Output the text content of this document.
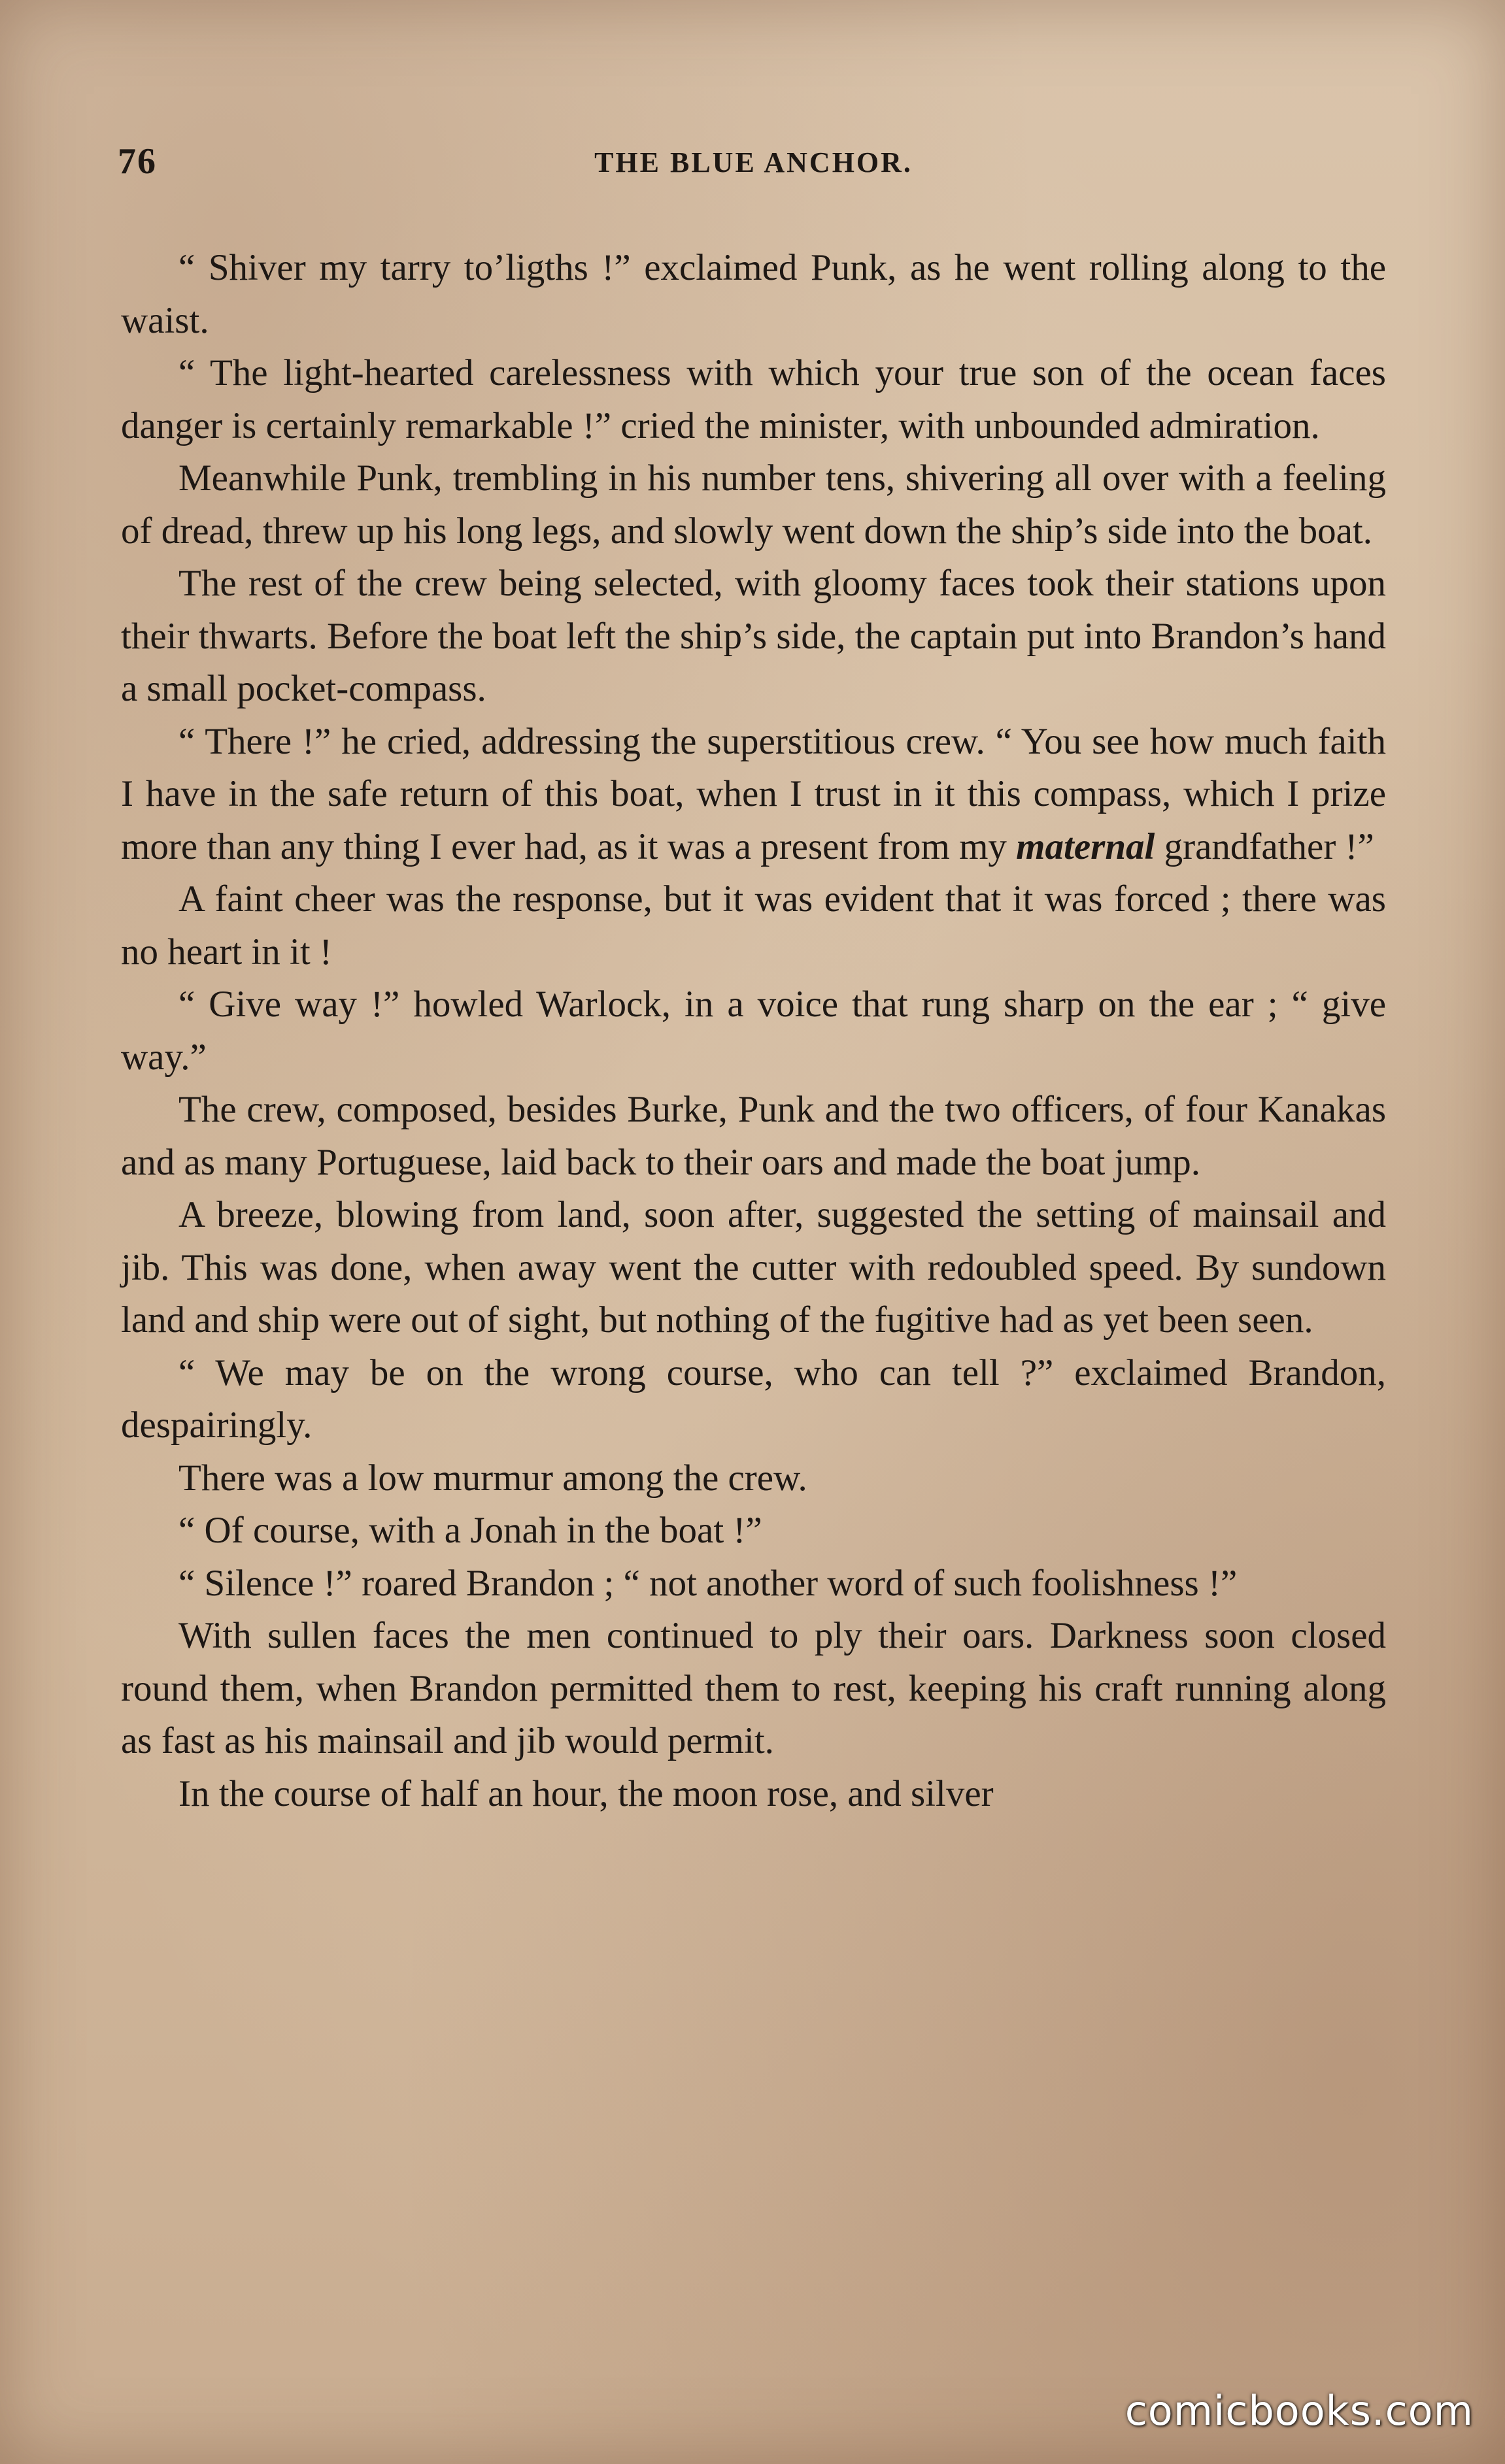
76	THE BLUE ANCHOR.

“ Shiver my tarry to’ligths !” exclaimed Punk, as he went rolling along to the waist.

“ The light-hearted carelessness with which your true son of the ocean faces danger is certainly remarkable !” cried the minister, with unbounded admiration.

Meanwhile Punk, trembling in his number tens, shivering all over with a feeling of dread, threw up his long legs, and slowly went down the ship’s side into the boat.

The rest of the crew being selected, with gloomy faces took their stations upon their thwarts. Before the boat left the ship’s side, the captain put into Brandon’s hand a small pocket-compass.

“ There !” he cried, addressing the superstitious crew. “ You see how much faith I have in the safe return of this boat, when I trust in it this compass, which I prize more than any thing I ever had, as it was a present from my maternal grandfather !”

A faint cheer was the response, but it was evident that it was forced ; there was no heart in it !

“ Give way !” howled Warlock, in a voice that rung sharp on the ear ; “ give way.”

The crew, composed, besides Burke, Punk and the two officers, of four Kanakas and as many Portuguese, laid back to their oars and made the boat jump.

A breeze, blowing from land, soon after, suggested the setting of mainsail and jib. This was done, when away went the cutter with redoubled speed. By sundown land and ship were out of sight, but nothing of the fugitive had as yet been seen.

“ We may be on the wrong course, who can tell ?” exclaimed Brandon, despairingly.

There was a low murmur among the crew.

“ Of course, with a Jonah in the boat !”

“ Silence !” roared Brandon ; “ not another word of such foolishness !”

With sullen faces the men continued to ply their oars. Darkness soon closed round them, when Brandon permitted them to rest, keeping his craft running along as fast as his mainsail and jib would permit.

In the course of half an hour, the moon rose, and silver

comicbooks.com
